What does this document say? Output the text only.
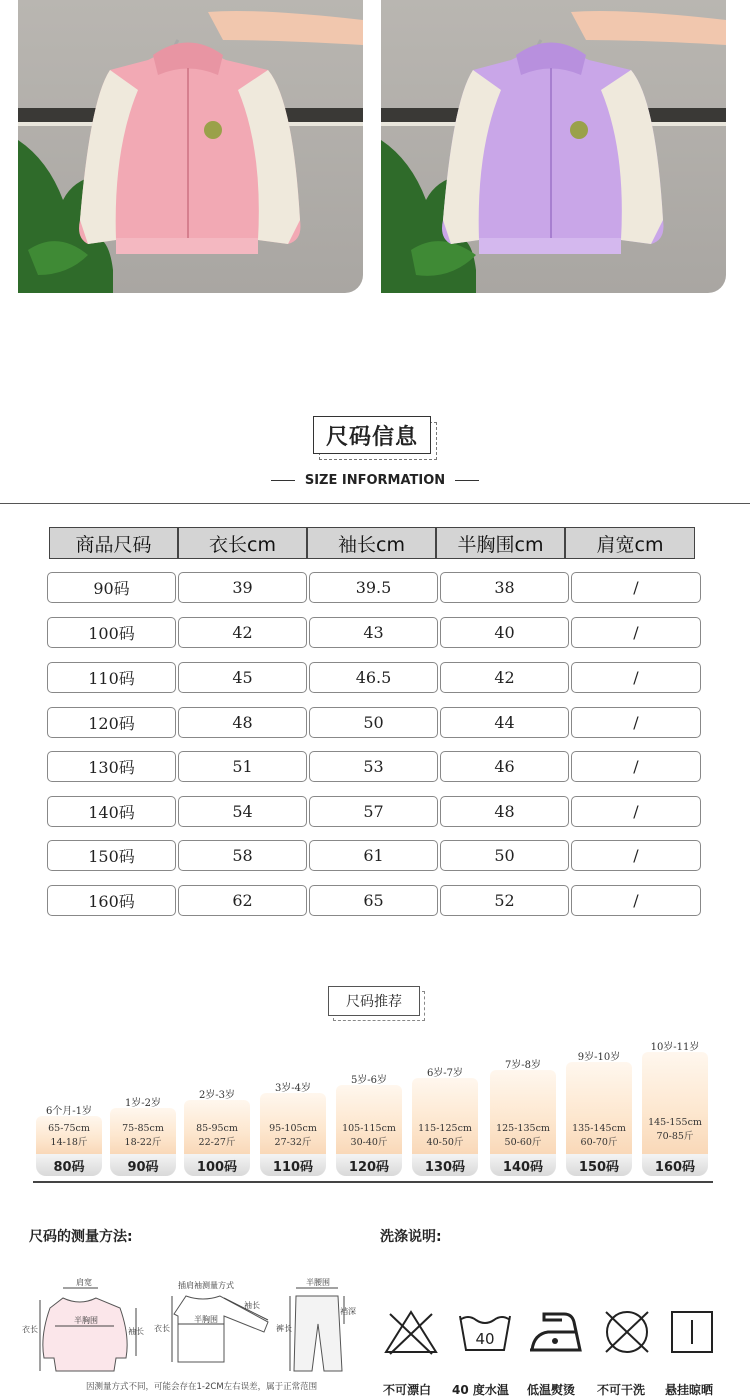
尺码信息
SIZE INFORMATION
商品尺码	衣长cm	袖长cm	半胸围cm	肩宽cm
90码	39	39.5	38	/
100码	42	43	40	/
110码	45	46.5	42	/
120码	48	50	44	/
130码	51	53	46	/
140码	54	57	48	/
150码	58	61	50	/
160码	62	65	52	/
尺码推荐
6个月-1岁
65-75cm
14-18斤
1岁-2岁
75-85cm
18-22斤
2岁-3岁
85-95cm
22-27斤
3岁-4岁
95-105cm
27-32斤
5岁-6岁
105-115cm
30-40斤
6岁-7岁
115-125cm
40-50斤
7岁-8岁
125-135cm
50-60斤
9岁-10岁
135-145cm
60-70斤
10岁-11岁
145-155cm
70-85斤
80码	90码	100码	110码	120码	130码	140码	150码	160码
尺码的测量方法:
肩宽
半胸围
衣长	袖长
插肩袖测量方式
半胸围
袖长
衣长
半腰围
裤长
裆深
因测量方式不同，可能会存在1-2CM左右误差，属于正常范围
洗涤说明:
40
不可漂白 40 度水温 低温熨烫 不可干洗 悬挂晾晒
